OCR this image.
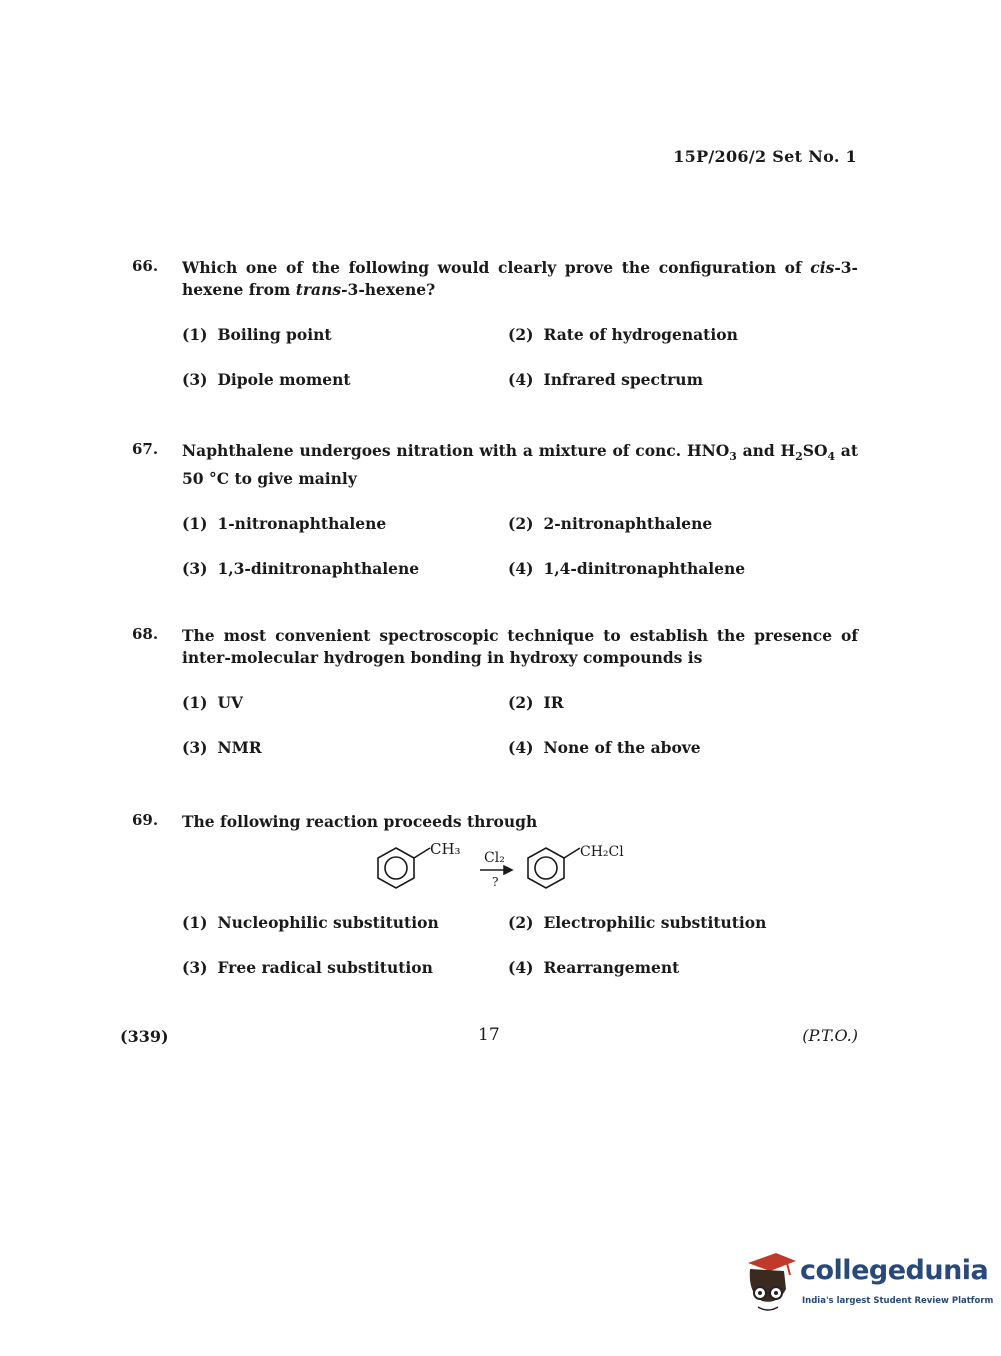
15P/206/2 Set No. 1
66. Which one of the following would clearly prove the configuration of cis-3-hexene from trans-3-hexene?
(1) Boiling point	(2) Rate of hydrogenation
(3) Dipole moment	(4) Infrared spectrum
67. Naphthalene undergoes nitration with a mixture of conc. $HNO_3$ and $H_2SO_4$ at 50 °C to give mainly
(1) 1-nitronaphthalene	(2) 2-nitronaphthalene
(3) 1,3-dinitronaphthalene	(4) 1,4-dinitronaphthalene
68. The most convenient spectroscopic technique to establish the presence of inter-molecular hydrogen bonding in hydroxy compounds is
(1) UV	(2) IR
(3) NMR	(4) None of the above
69. The following reaction proceeds through
(1) Nucleophilic substitution	(2) Electrophilic substitution
(3) Free radical substitution	(4) Rearrangement
CH₃ Cl₂
?
CH₂Cl
(339)	17	(P.T.O.)
collegedunia
India's largest Student Review Platform
